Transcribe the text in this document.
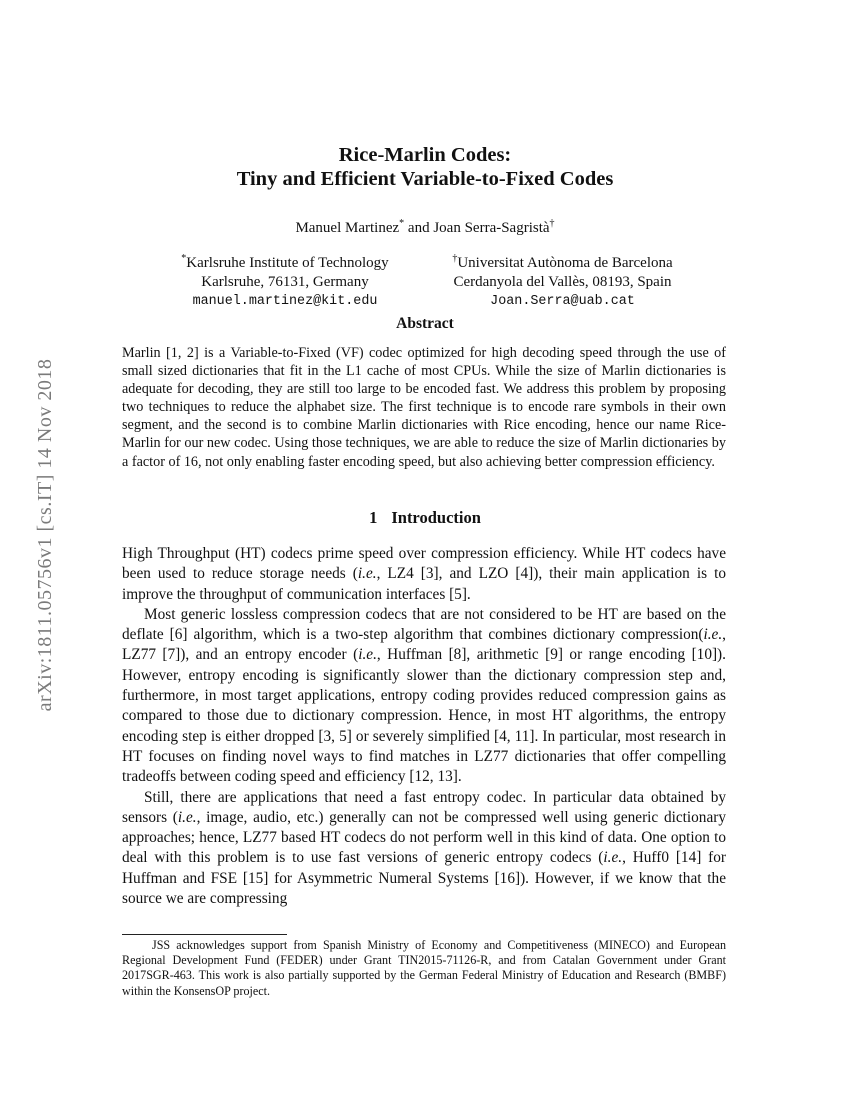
arXiv:1811.05756v1 [cs.IT] 14 Nov 2018
Rice-Marlin Codes:
Tiny and Efficient Variable-to-Fixed Codes
Manuel Martinez* and Joan Serra-Sagristà†
*Karlsruhe Institute of Technology
Karlsruhe, 76131, Germany
manuel.martinez@kit.edu
†Universitat Autònoma de Barcelona
Cerdanyola del Vallès, 08193, Spain
Joan.Serra@uab.cat
Abstract
Marlin [1, 2] is a Variable-to-Fixed (VF) codec optimized for high decoding speed through the use of small sized dictionaries that fit in the L1 cache of most CPUs. While the size of Marlin dictionaries is adequate for decoding, they are still too large to be encoded fast. We address this problem by proposing two techniques to reduce the alphabet size. The first technique is to encode rare symbols in their own segment, and the second is to combine Marlin dictionaries with Rice encoding, hence our name Rice-Marlin for our new codec. Using those techniques, we are able to reduce the size of Marlin dictionaries by a factor of 16, not only enabling faster encoding speed, but also achieving better compression efficiency.
1 Introduction

High Throughput (HT) codecs prime speed over compression efficiency. While HT codecs have been used to reduce storage needs (i.e., LZ4 [3], and LZO [4]), their main application is to improve the throughput of communication interfaces [5].

Most generic lossless compression codecs that are not considered to be HT are based on the deflate [6] algorithm, which is a two-step algorithm that combines dictionary compression(i.e., LZ77 [7]), and an entropy encoder (i.e., Huffman [8], arithmetic [9] or range encoding [10]). However, entropy encoding is significantly slower than the dictionary compression step and, furthermore, in most target applications, entropy coding provides reduced compression gains as compared to those due to dictionary compression. Hence, in most HT algorithms, the entropy encoding step is either dropped [3, 5] or severely simplified [4, 11]. In particular, most research in HT focuses on finding novel ways to find matches in LZ77 dictionaries that offer compelling tradeoffs between coding speed and efficiency [12, 13].

Still, there are applications that need a fast entropy codec. In particular data obtained by sensors (i.e., image, audio, etc.) generally can not be compressed well using generic dictionary approaches; hence, LZ77 based HT codecs do not perform well in this kind of data. One option to deal with this problem is to use fast versions of generic entropy codecs (i.e., Huff0 [14] for Huffman and FSE [15] for Asymmetric Numeral Systems [16]). However, if we know that the source we are compressing

JSS acknowledges support from Spanish Ministry of Economy and Competitiveness (MINECO) and European Regional Development Fund (FEDER) under Grant TIN2015-71126-R, and from Catalan Government under Grant 2017SGR-463. This work is also partially supported by the German Federal Ministry of Education and Research (BMBF) within the KonsensOP project.
